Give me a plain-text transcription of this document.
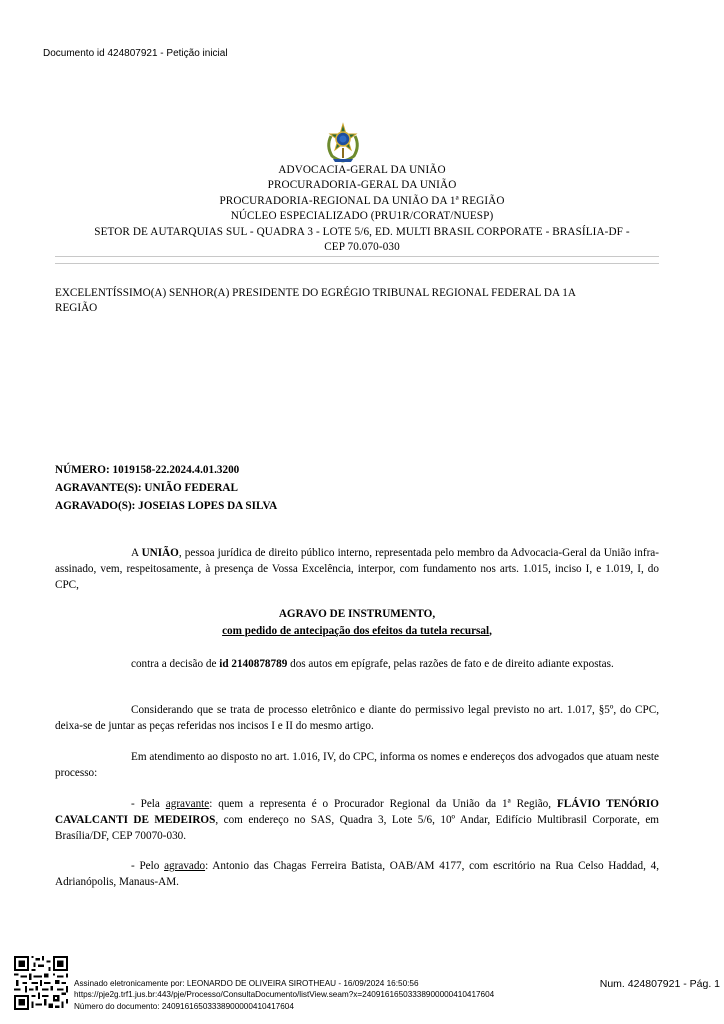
Documento id 424807921 - Petição inicial
ADVOCACIA-GERAL DA UNIÃO
PROCURADORIA-GERAL DA UNIÃO
PROCURADORIA-REGIONAL DA UNIÃO DA 1ª REGIÃO
NÚCLEO ESPECIALIZADO (PRU1R/CORAT/NUESP)
SETOR DE AUTARQUIAS SUL - QUADRA 3 - LOTE 5/6, ED. MULTI BRASIL CORPORATE - BRASÍLIA-DF -
CEP 70.070-030
EXCELENTÍSSIMO(A) SENHOR(A) PRESIDENTE DO EGRÉGIO TRIBUNAL REGIONAL FEDERAL DA 1A REGIÃO
NÚMERO: 1019158-22.2024.4.01.3200
AGRAVANTE(S): UNIÃO FEDERAL
AGRAVADO(S): JOSEIAS LOPES DA SILVA
A UNIÃO, pessoa jurídica de direito público interno, representada pelo membro da Advocacia-Geral da União infra-assinado, vem, respeitosamente, à presença de Vossa Excelência, interpor, com fundamento nos arts. 1.015, inciso I, e 1.019, I, do CPC,
AGRAVO DE INSTRUMENTO,
com pedido de antecipação dos efeitos da tutela recursal,
contra a decisão de id 2140878789 dos autos em epígrafe, pelas razões de fato e de direito adiante expostas.
Considerando que se trata de processo eletrônico e diante do permissivo legal previsto no art. 1.017, §5º, do CPC, deixa-se de juntar as peças referidas nos incisos I e II do mesmo artigo.
Em atendimento ao disposto no art. 1.016, IV, do CPC, informa os nomes e endereços dos advogados que atuam neste processo:
- Pela agravante: quem a representa é o Procurador Regional da União da 1ª Região, FLÁVIO TENÓRIO CAVALCANTI DE MEDEIROS, com endereço no SAS, Quadra 3, Lote 5/6, 10º Andar, Edifício Multibrasil Corporate, em Brasília/DF, CEP 70070-030.
- Pelo agravado: Antonio das Chagas Ferreira Batista, OAB/AM 4177, com escritório na Rua Celso Haddad, 4, Adrianópolis, Manaus-AM.
Assinado eletronicamente por: LEONARDO DE OLIVEIRA SIROTHEAU - 16/09/2024 16:50:56
https://pje2g.trf1.jus.br:443/pje/Processo/ConsultaDocumento/listView.seam?x=24091616503338900000410417604
Número do documento: 24091616503338900000410417604
Num. 424807921 - Pág. 1
